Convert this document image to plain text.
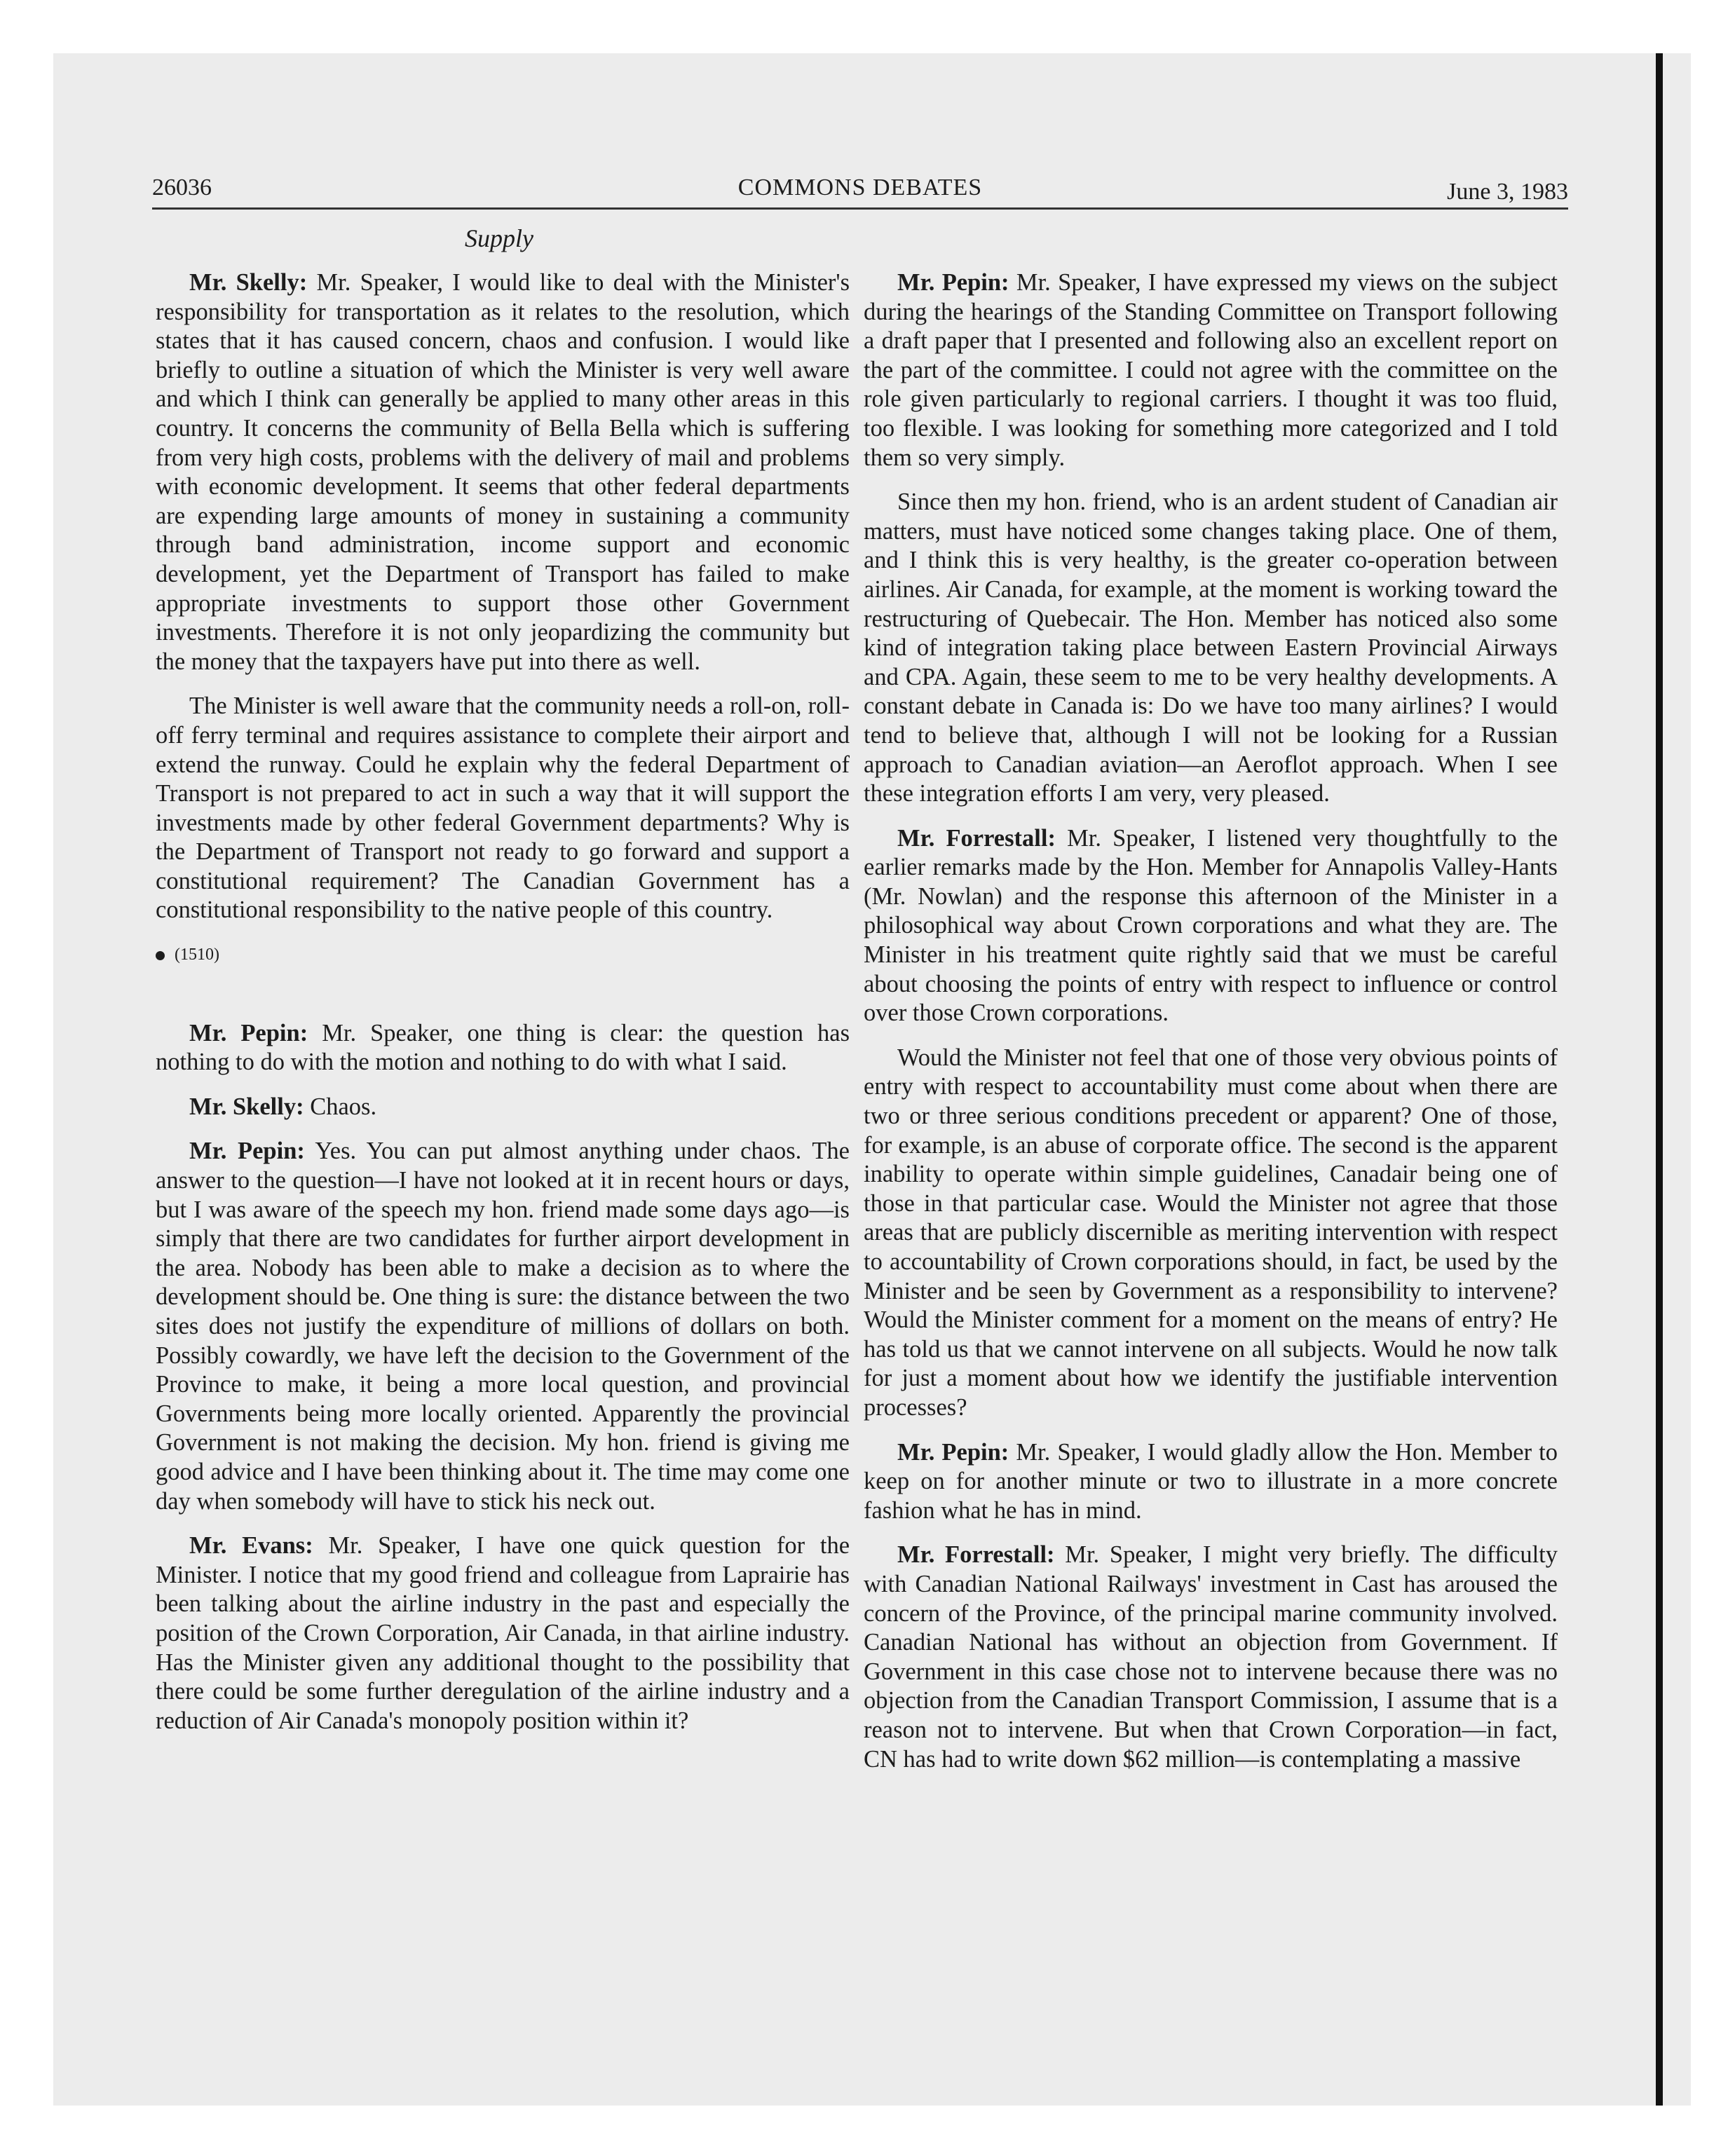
26036	COMMONS DEBATES	June 3, 1983
Supply

Mr. Skelly: Mr. Speaker, I would like to deal with the Minister's responsibility for transportation as it relates to the resolution, which states that it has caused concern, chaos and confusion. I would like briefly to outline a situation of which the Minister is very well aware and which I think can generally be applied to many other areas in this country. It concerns the community of Bella Bella which is suffering from very high costs, problems with the delivery of mail and problems with economic development. It seems that other federal departments are expending large amounts of money in sustaining a community through band administration, income support and economic development, yet the Department of Transport has failed to make appropriate investments to support those other Government investments. Therefore it is not only jeopardizing the community but the money that the taxpayers have put into there as well.

The Minister is well aware that the community needs a roll-on, roll-off ferry terminal and requires assistance to complete their airport and extend the runway. Could he explain why the federal Department of Transport is not prepared to act in such a way that it will support the investments made by other federal Government departments? Why is the Department of Transport not ready to go forward and support a constitutional requirement? The Canadian Government has a constitutional responsibility to the native people of this country.

(1510)

Mr. Pepin: Mr. Speaker, one thing is clear: the question has nothing to do with the motion and nothing to do with what I said.

Mr. Skelly: Chaos.

Mr. Pepin: Yes. You can put almost anything under chaos. The answer to the question—I have not looked at it in recent hours or days, but I was aware of the speech my hon. friend made some days ago—is simply that there are two candidates for further airport development in the area. Nobody has been able to make a decision as to where the development should be. One thing is sure: the distance between the two sites does not justify the expenditure of millions of dollars on both. Possibly cowardly, we have left the decision to the Government of the Province to make, it being a more local question, and provincial Governments being more locally oriented. Apparently the provincial Government is not making the decision. My hon. friend is giving me good advice and I have been thinking about it. The time may come one day when somebody will have to stick his neck out.

Mr. Evans: Mr. Speaker, I have one quick question for the Minister. I notice that my good friend and colleague from Laprairie has been talking about the airline industry in the past and especially the position of the Crown Corporation, Air Canada, in that airline industry. Has the Minister given any additional thought to the possibility that there could be some further deregulation of the airline industry and a reduction of Air Canada's monopoly position within it?

Mr. Pepin: Mr. Speaker, I have expressed my views on the subject during the hearings of the Standing Committee on Transport following a draft paper that I presented and following also an excellent report on the part of the committee. I could not agree with the committee on the role given particularly to regional carriers. I thought it was too fluid, too flexible. I was looking for something more categorized and I told them so very simply.

Since then my hon. friend, who is an ardent student of Canadian air matters, must have noticed some changes taking place. One of them, and I think this is very healthy, is the greater co-operation between airlines. Air Canada, for example, at the moment is working toward the restructuring of Quebecair. The Hon. Member has noticed also some kind of integration taking place between Eastern Provincial Airways and CPA. Again, these seem to me to be very healthy developments. A constant debate in Canada is: Do we have too many airlines? I would tend to believe that, although I will not be looking for a Russian approach to Canadian aviation—an Aeroflot approach. When I see these integration efforts I am very, very pleased.

Mr. Forrestall: Mr. Speaker, I listened very thoughtfully to the earlier remarks made by the Hon. Member for Annapolis Valley-Hants (Mr. Nowlan) and the response this afternoon of the Minister in a philosophical way about Crown corporations and what they are. The Minister in his treatment quite rightly said that we must be careful about choosing the points of entry with respect to influence or control over those Crown corporations.

Would the Minister not feel that one of those very obvious points of entry with respect to accountability must come about when there are two or three serious conditions precedent or apparent? One of those, for example, is an abuse of corporate office. The second is the apparent inability to operate within simple guidelines, Canadair being one of those in that particular case. Would the Minister not agree that those areas that are publicly discernible as meriting intervention with respect to accountability of Crown corporations should, in fact, be used by the Minister and be seen by Government as a responsibility to intervene? Would the Minister comment for a moment on the means of entry? He has told us that we cannot intervene on all subjects. Would he now talk for just a moment about how we identify the justifiable intervention processes?

Mr. Pepin: Mr. Speaker, I would gladly allow the Hon. Member to keep on for another minute or two to illustrate in a more concrete fashion what he has in mind.

Mr. Forrestall: Mr. Speaker, I might very briefly. The difficulty with Canadian National Railways' investment in Cast has aroused the concern of the Province, of the principal marine community involved. Canadian National has without an objection from Government. If Government in this case chose not to intervene because there was no objection from the Canadian Transport Commission, I assume that is a reason not to intervene. But when that Crown Corporation—in fact, CN has had to write down $62 million—is contemplating a massive
